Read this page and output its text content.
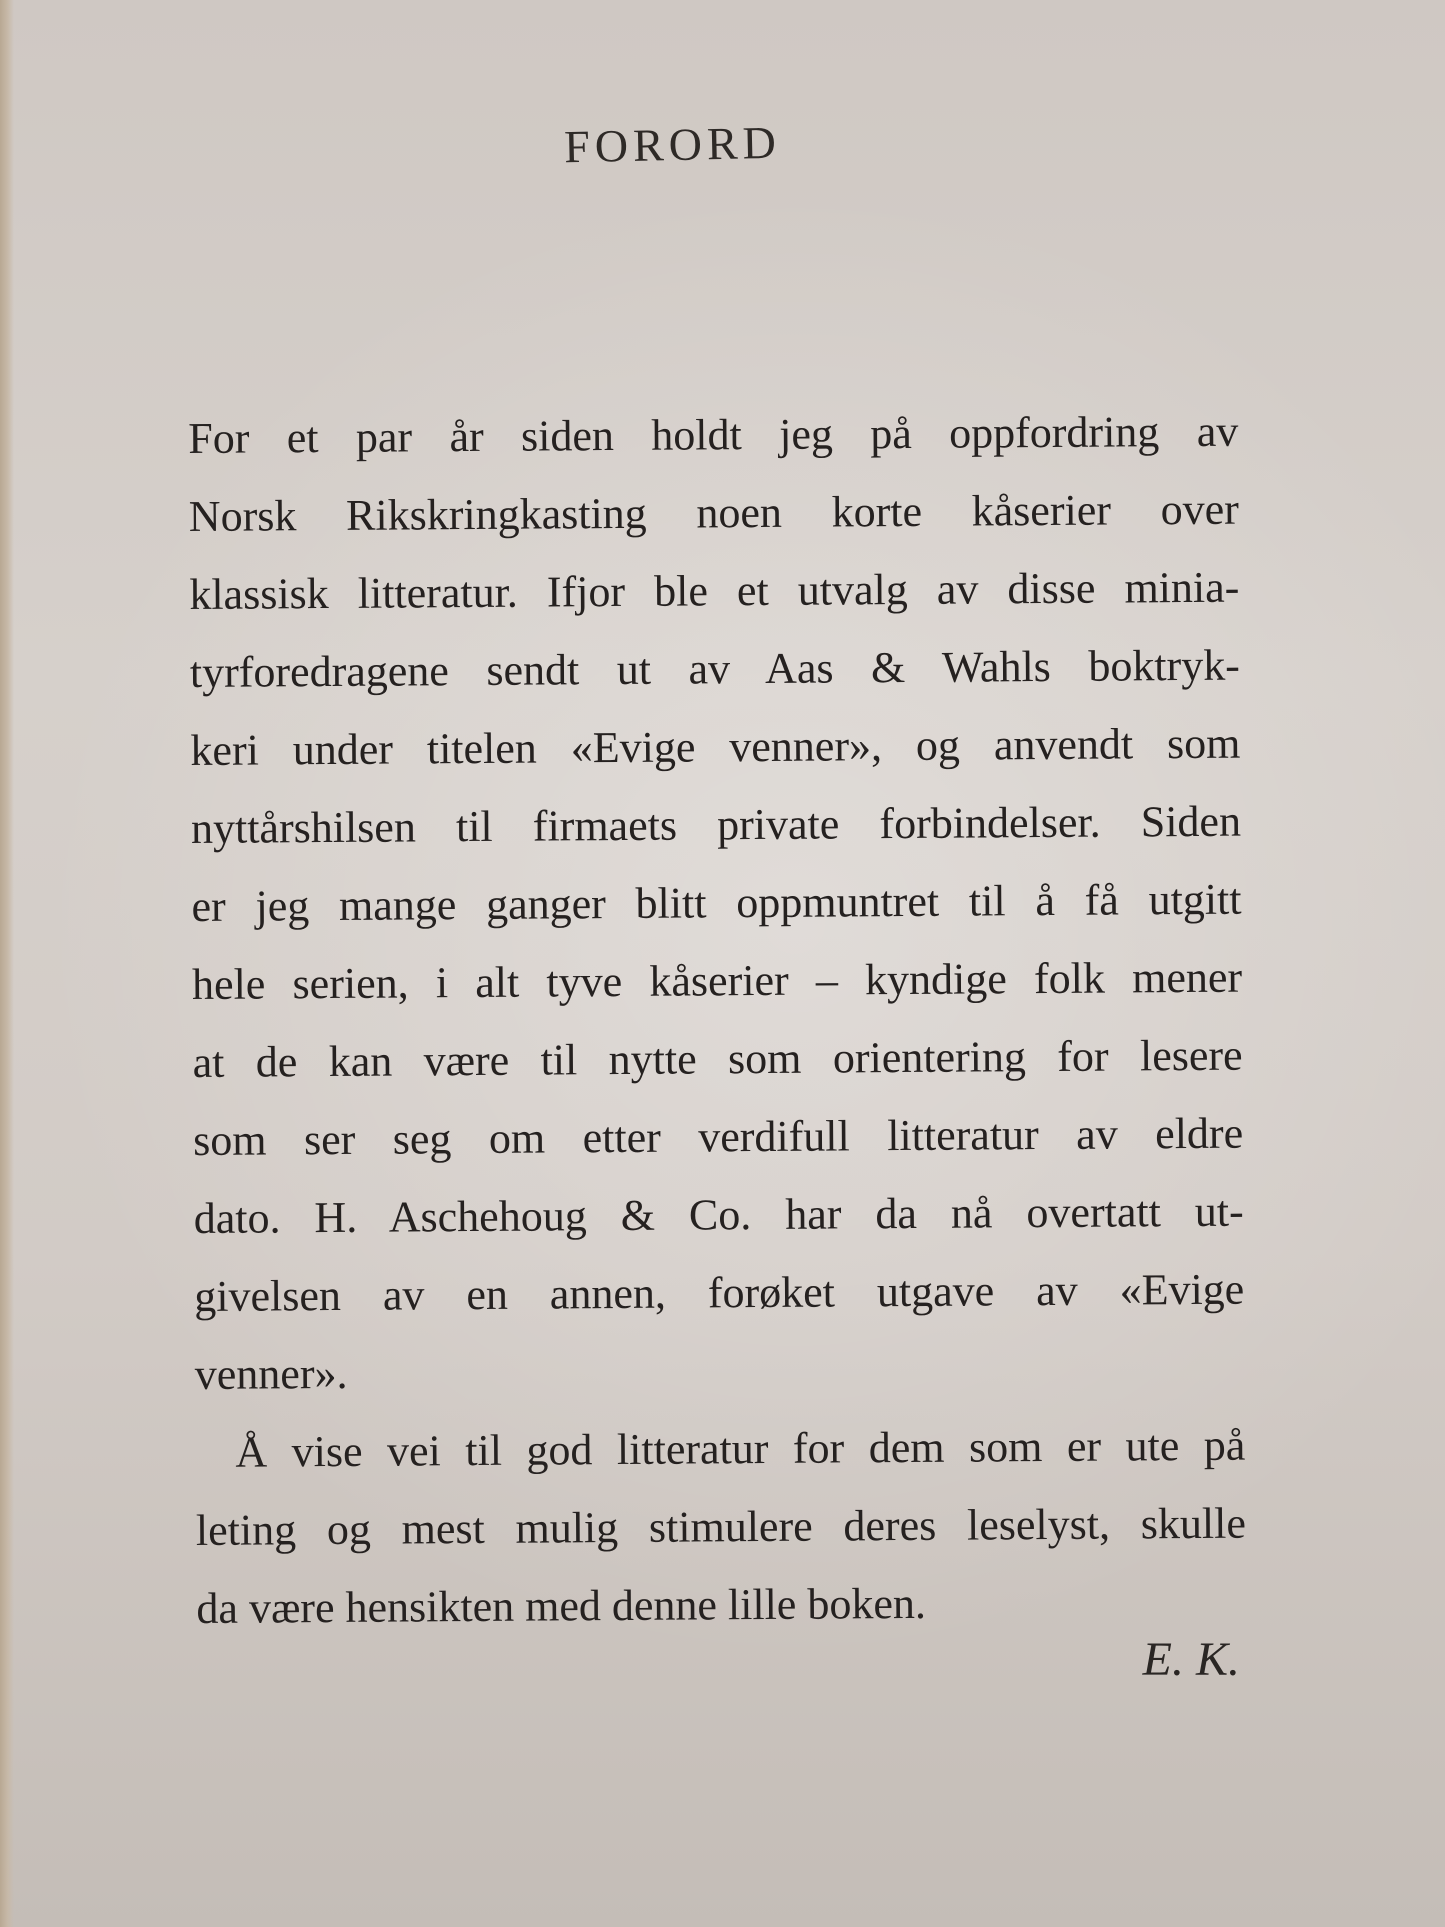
FORORD
For et par år siden holdt jeg på oppfordring av
Norsk Rikskringkasting noen korte kåserier over
klassisk litteratur. Ifjor ble et utvalg av disse minia-
tyrforedragene sendt ut av Aas & Wahls boktryk-
keri under titelen «Evige venner», og anvendt som
nyttårshilsen til firmaets private forbindelser. Siden
er jeg mange ganger blitt oppmuntret til å få utgitt
hele serien, i alt tyve kåserier – kyndige folk mener
at de kan være til nytte som orientering for lesere
som ser seg om etter verdifull litteratur av eldre
dato. H. Aschehoug & Co. har da nå overtatt ut-
givelsen av en annen, forøket utgave av «Evige
venner».
Å vise vei til god litteratur for dem som er ute på
leting og mest mulig stimulere deres leselyst, skulle
da være hensikten med denne lille boken.
E. K.
